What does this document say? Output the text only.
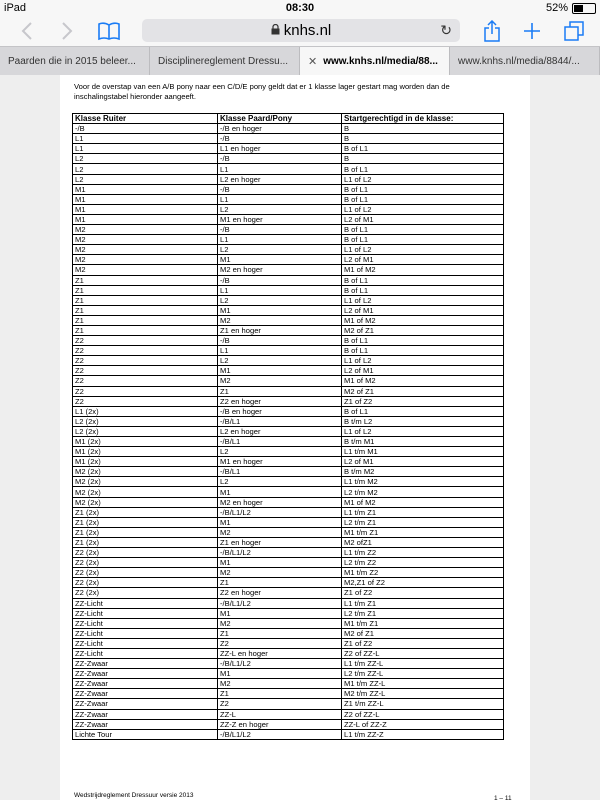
iPad	08:30	52%
knhs.nl	↻
Paarden die in 2015 beleer... Disciplinereglement Dressu... ✕ www.knhs.nl/media/88... www.knhs.nl/media/8844/...

Voor de overstap van een A/B pony naar een C/D/E pony geldt dat er 1 klasse lager gestart mag worden dan de
inschalingstabel hieronder aangeeft.
Klasse Ruiter	Klasse Paard/Pony	Startgerechtigd in de klasse:
-/B	-/B en hoger	B
L1	-/B	B
L1	L1 en hoger	B of L1
L2	-/B	B
L2	L1	B of L1
L2	L2 en hoger	L1 of L2
M1	-/B	B of L1
M1	L1	B of L1
M1	L2	L1 of L2
M1	M1 en hoger	L2 of M1
M2	-/B	B of L1
M2	L1	B of L1
M2	L2	L1 of L2
M2	M1	L2 of M1
M2	M2 en hoger	M1 of M2
Z1	-/B	B of L1
Z1	L1	B of L1
Z1	L2	L1 of L2
Z1	M1	L2 of M1
Z1	M2	M1 of M2
Z1	Z1 en hoger	M2 of Z1
Z2	-/B	B of L1
Z2	L1	B of L1
Z2	L2	L1 of L2
Z2	M1	L2 of M1
Z2	M2	M1 of M2
Z2	Z1	M2 of Z1
Z2	Z2 en hoger	Z1 of Z2
L1 (2x)	-/B en hoger	B of L1
L2 (2x)	-/B/L1	B t/m L2
L2 (2x)	L2 en hoger	L1 of L2
M1 (2x)	-/B/L1	B t/m M1
M1 (2x)	L2	L1 t/m M1
M1 (2x)	M1 en hoger	L2 of M1
M2 (2x)	-/B/L1	B t/m M2
M2 (2x)	L2	L1 t/m M2
M2 (2x)	M1	L2 t/m M2
M2 (2x)	M2 en hoger	M1 of M2
Z1 (2x)	-/B/L1/L2	L1 t/m Z1
Z1 (2x)	M1	L2 t/m Z1
Z1 (2x)	M2	M1 t/m Z1
Z1 (2x)	Z1 en hoger	M2 ofZ1
Z2 (2x)	-/B/L1/L2	L1 t/m Z2
Z2 (2x)	M1	L2 t/m Z2
Z2 (2x)	M2	M1 t/m Z2
Z2 (2x)	Z1	M2,Z1 of Z2
Z2 (2x)	Z2 en hoger	Z1 of Z2
ZZ-Licht	-/B/L1/L2	L1 t/m Z1
ZZ-Licht	M1	L2 t/m Z1
ZZ-Licht	M2	M1 t/m Z1
ZZ-Licht	Z1	M2 of Z1
ZZ-Licht	Z2	Z1 of Z2
ZZ-Licht	ZZ-L en hoger	Z2 of ZZ-L
ZZ-Zwaar	-/B/L1/L2	L1 t/m ZZ-L
ZZ-Zwaar	M1	L2 t/m ZZ-L
ZZ-Zwaar	M2	M1 t/m ZZ-L
ZZ-Zwaar	Z1	M2 t/m ZZ-L
ZZ-Zwaar	Z2	Z1 t/m ZZ-L
ZZ-Zwaar	ZZ-L	Z2 of ZZ-L
ZZ-Zwaar	ZZ-Z en hoger	ZZ-L of ZZ-Z
Lichte Tour	-/B/L1/L2	L1 t/m ZZ-Z
Wedstrijdreglement Dressuur versie 2013	1 – 11
